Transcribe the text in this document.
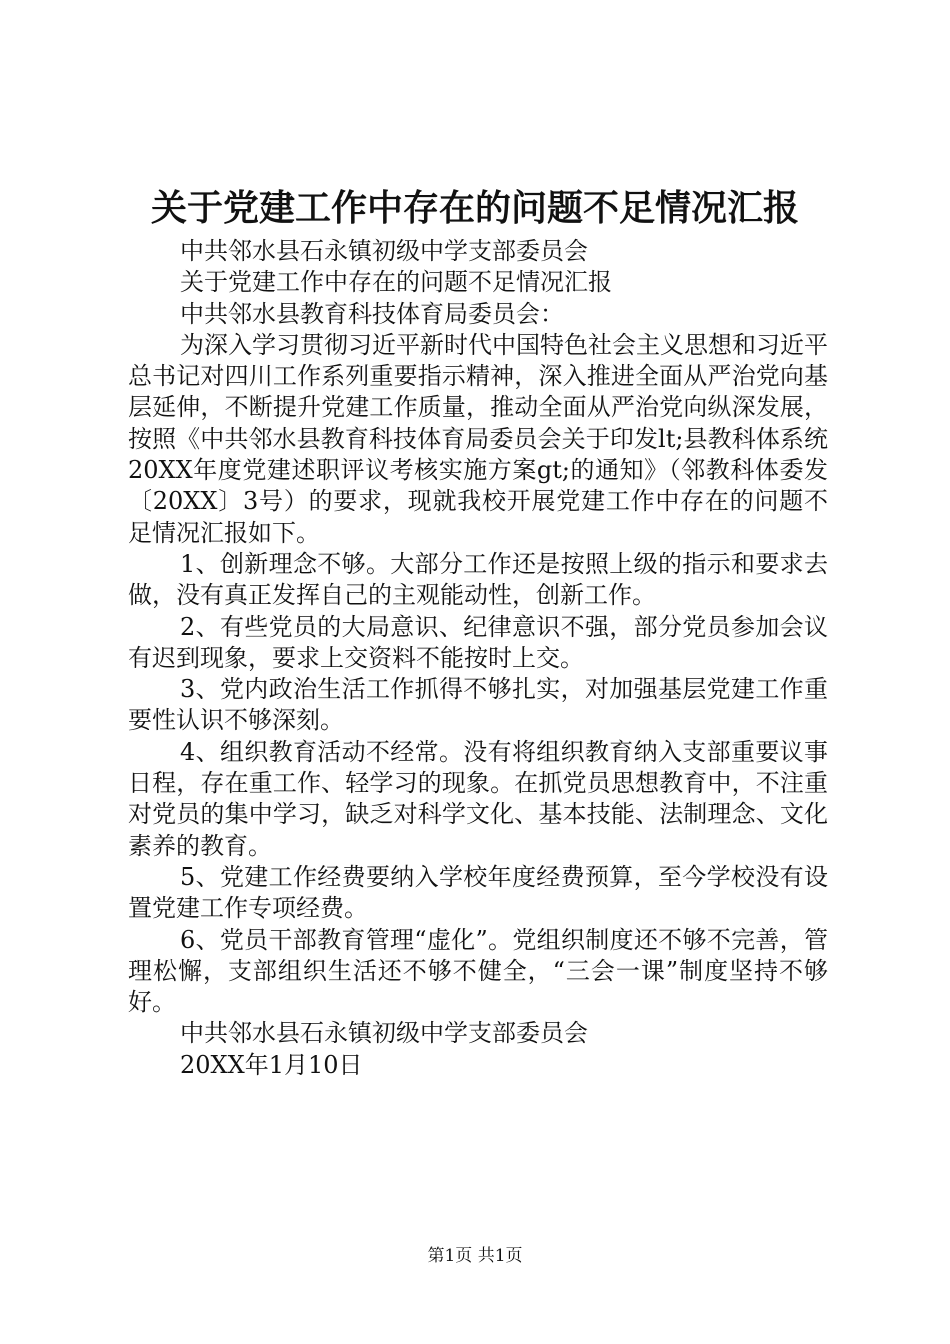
关于党建工作中存在的问题不足情况汇报
中共邻水县石永镇初级中学支部委员会
关于党建工作中存在的问题不足情况汇报
中共邻水县教育科技体育局委员会：
为深入学习贯彻习近平新时代中国特色社会主义思想和习近平总书记对四川工作系列重要指示精神，深入推进全面从严治党向基层延伸，不断提升党建工作质量，推动全面从严治党向纵深发展，按照《中共邻水县教育科技体育局委员会关于印发lt;县教科体系统20XX年度党建述职评议考核实施方案gt;的通知》（邻教科体委发〔20XX〕3号）的要求，现就我校开展党建工作中存在的问题不足情况汇报如下。
1、创新理念不够。大部分工作还是按照上级的指示和要求去做，没有真正发挥自己的主观能动性，创新工作。
2、有些党员的大局意识、纪律意识不强，部分党员参加会议有迟到现象，要求上交资料不能按时上交。
3、党内政治生活工作抓得不够扎实，对加强基层党建工作重要性认识不够深刻。
4、组织教育活动不经常。没有将组织教育纳入支部重要议事日程，存在重工作、轻学习的现象。在抓党员思想教育中，不注重对党员的集中学习，缺乏对科学文化、基本技能、法制理念、文化素养的教育。
5、党建工作经费要纳入学校年度经费预算，至今学校没有设置党建工作专项经费。
6、党员干部教育管理“虚化”。党组织制度还不够不完善，管理松懈，支部组织生活还不够不健全，“三会一课”制度坚持不够好。
中共邻水县石永镇初级中学支部委员会
20XX年1月10日
第1页 共1页
